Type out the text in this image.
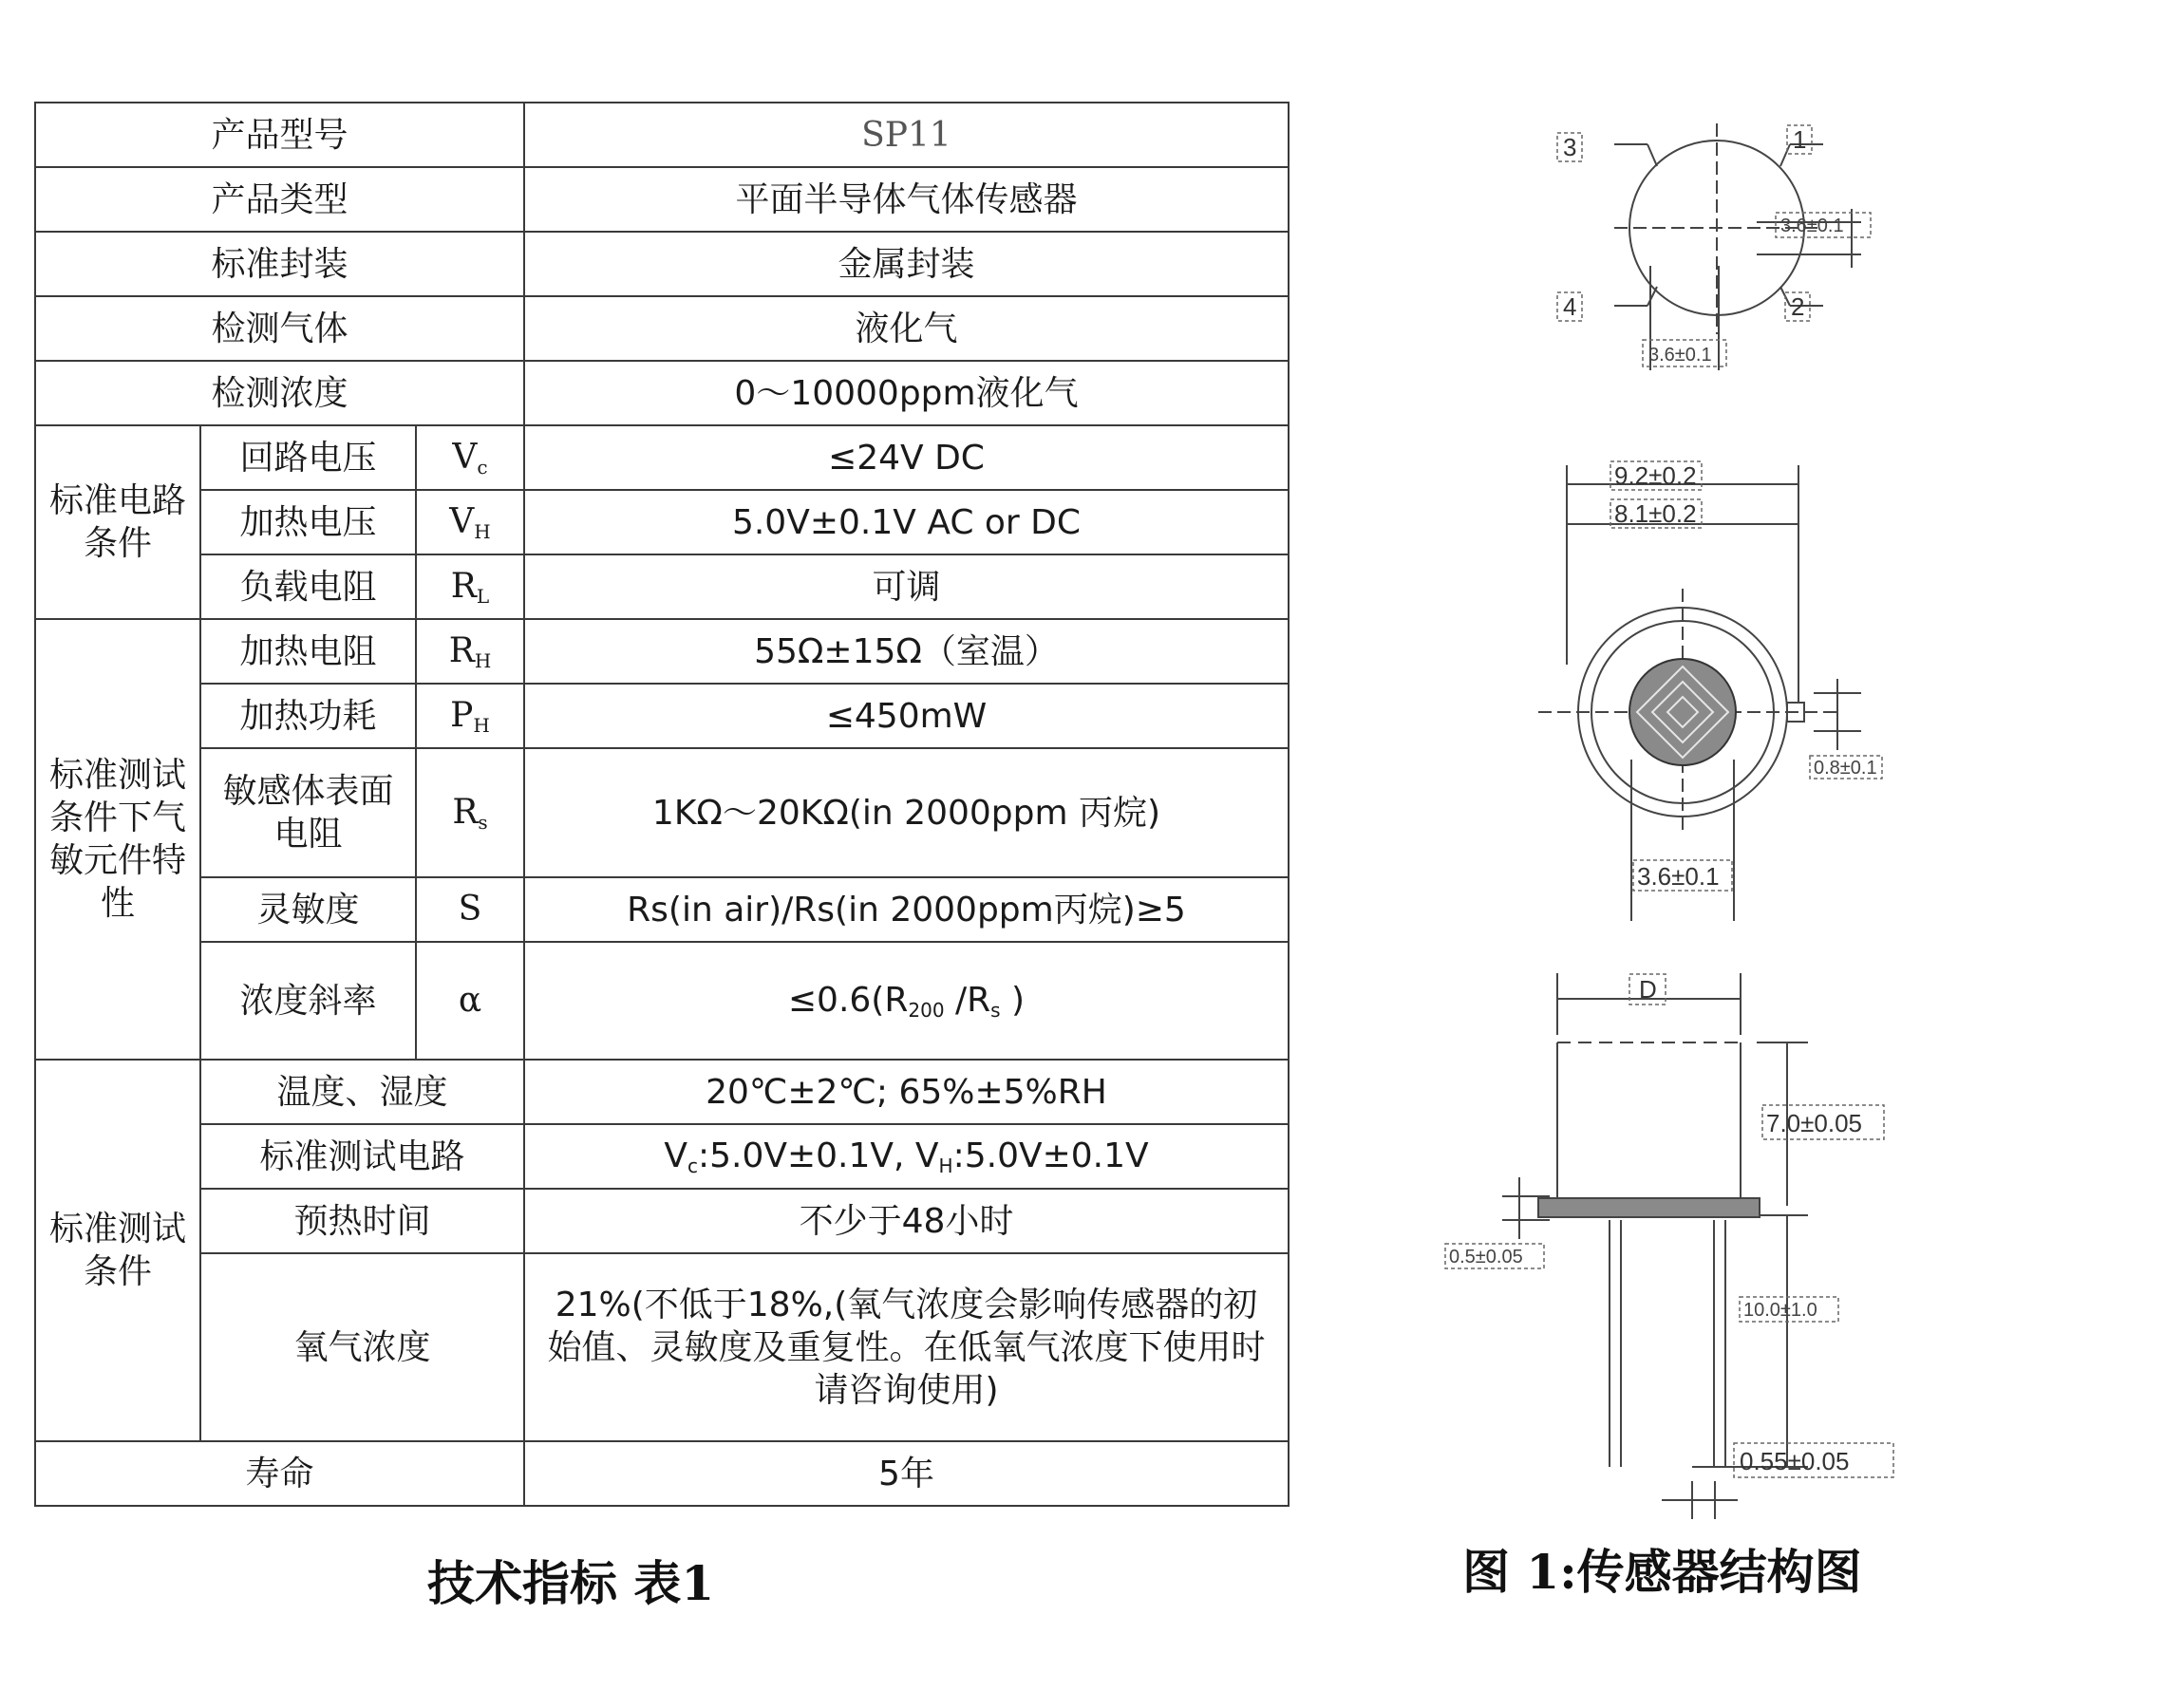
产品型号			SP11
产品类型			平面半导体气体传感器
标准封装			金属封装
检测气体			液化气
检测浓度			0～10000ppm液化气
标准电路条件	回路电压	$V_c$	≤24V DC
	加热电压	$V_H$	5.0V±0.1V AC or DC
	负载电阻	$R_L$	可调
标准测试条件下气敏元件特性	加热电阻	$R_H$	55Ω±15Ω（室温）
	加热功耗	$P_H$	≤450mW
	敏感体表面电阻	$R_s$	1KΩ～20KΩ(in 2000ppm 丙烷)
	灵敏度	S	Rs(in air)/Rs(in 2000ppm丙烷)≥5
	浓度斜率	α	$\le 0.6(R_{200}$ $/R_s$ )
标准测试条件	温度、湿度		20℃±2℃; 65%±5%RH
	标准测试电路		$V_c:5.0V\pm 0.1V$, $V_H:5.0V\pm 0.1V$
	预热时间		不少于48小时
	氧气浓度		21%(不低于18%,(氧气浓度会影响传感器的初始值、灵敏度及重复性。在低氧气浓度下使用时请咨询使用)
寿命			5年
技术指标 表1	图 1:传感器结构图
3	1
4	2
3.6±0.1
3.6±0.1
9.2±0.2
8.1±0.2
0.8±0.1
3.6±0.1
D
7.0±0.05
0.5±0.05
10.0±1.0
0.55±0.05
